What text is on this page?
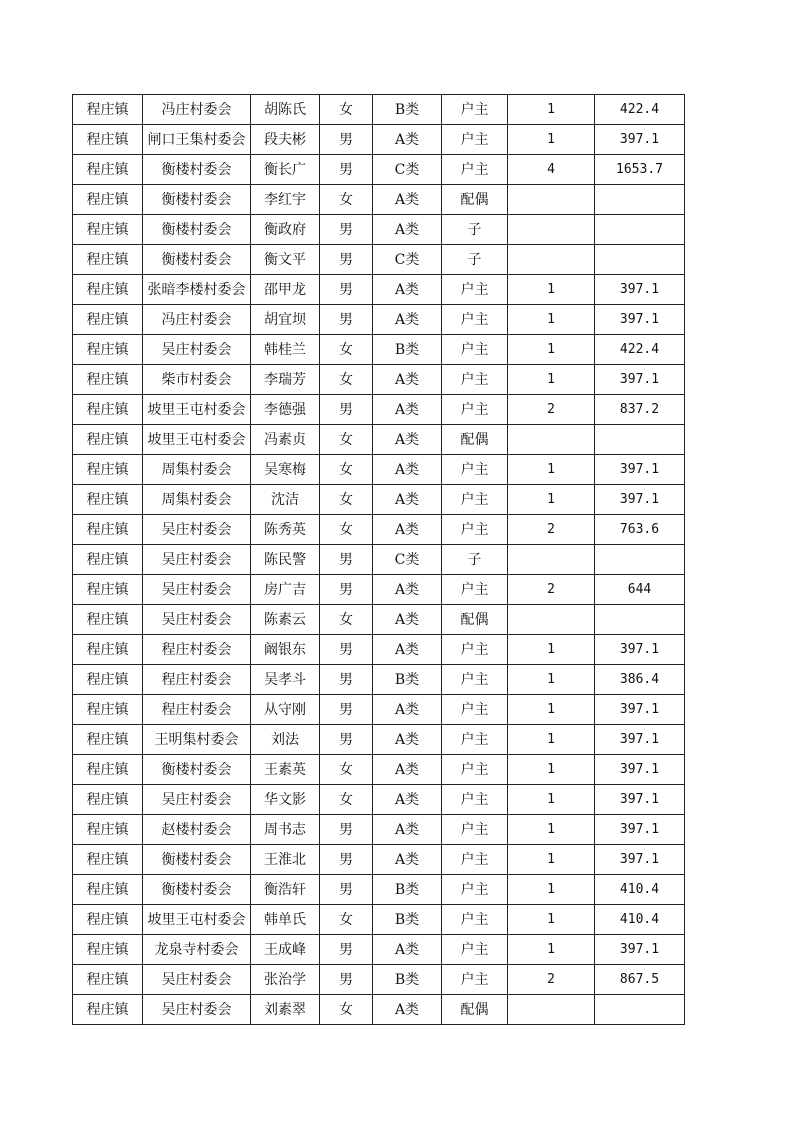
程庄镇	冯庄村委会	胡陈氏	女	B类	户主	1	422.4
程庄镇	闸口王集村委会	段夫彬	男	A类	户主	1	397.1
程庄镇	衡楼村委会	衡长广	男	C类	户主	4	1653.7
程庄镇	衡楼村委会	李红宇	女	A类	配偶		
程庄镇	衡楼村委会	衡政府	男	A类	子		
程庄镇	衡楼村委会	衡文平	男	C类	子		
程庄镇	张暗李楼村委会	邵甲龙	男	A类	户主	1	397.1
程庄镇	冯庄村委会	胡宜坝	男	A类	户主	1	397.1
程庄镇	吴庄村委会	韩桂兰	女	B类	户主	1	422.4
程庄镇	柴市村委会	李瑞芳	女	A类	户主	1	397.1
程庄镇	坡里王屯村委会	李德强	男	A类	户主	2	837.2
程庄镇	坡里王屯村委会	冯素贞	女	A类	配偶		
程庄镇	周集村委会	吴寒梅	女	A类	户主	1	397.1
程庄镇	周集村委会	沈洁	女	A类	户主	1	397.1
程庄镇	吴庄村委会	陈秀英	女	A类	户主	2	763.6
程庄镇	吴庄村委会	陈民警	男	C类	子		
程庄镇	吴庄村委会	房广吉	男	A类	户主	2	644
程庄镇	吴庄村委会	陈素云	女	A类	配偶		
程庄镇	程庄村委会	阚银东	男	A类	户主	1	397.1
程庄镇	程庄村委会	吴孝斗	男	B类	户主	1	386.4
程庄镇	程庄村委会	从守刚	男	A类	户主	1	397.1
程庄镇	王明集村委会	刘法	男	A类	户主	1	397.1
程庄镇	衡楼村委会	王素英	女	A类	户主	1	397.1
程庄镇	吴庄村委会	华文影	女	A类	户主	1	397.1
程庄镇	赵楼村委会	周书志	男	A类	户主	1	397.1
程庄镇	衡楼村委会	王淮北	男	A类	户主	1	397.1
程庄镇	衡楼村委会	衡浩轩	男	B类	户主	1	410.4
程庄镇	坡里王屯村委会	韩单氏	女	B类	户主	1	410.4
程庄镇	龙泉寺村委会	王成峰	男	A类	户主	1	397.1
程庄镇	吴庄村委会	张治学	男	B类	户主	2	867.5
程庄镇	吴庄村委会	刘素翠	女	A类	配偶		
